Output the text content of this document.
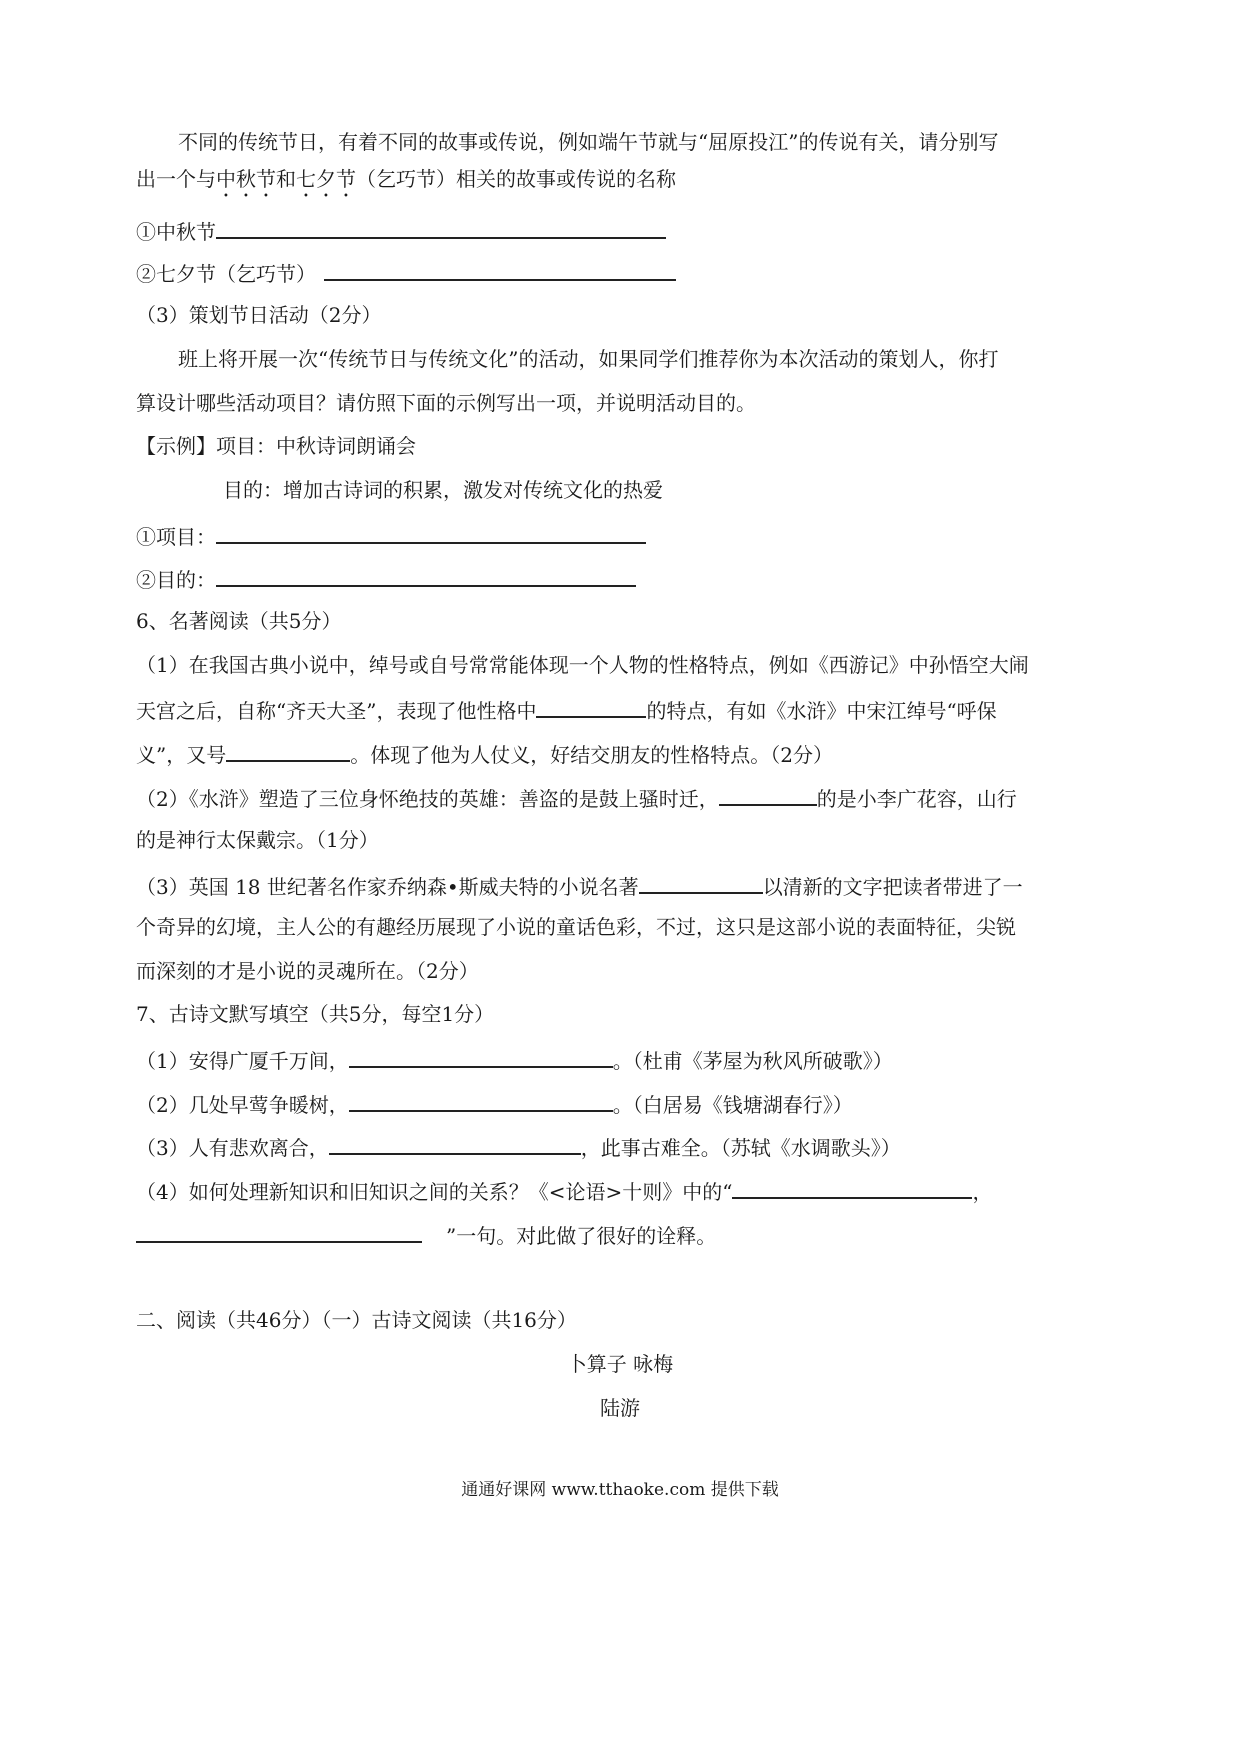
不同的传统节日，有着不同的故事或传说，例如端午节就与“屈原投江”的传说有关，请分别写
出一个与中秋节和七夕节（乞巧节）相关的故事或传说的名称
①中秋节
②七夕节（乞巧节）
（3）策划节日活动（2分）
班上将开展一次“传统节日与传统文化”的活动，如果同学们推荐你为本次活动的策划人，你打
算设计哪些活动项目？请仿照下面的示例写出一项，并说明活动目的。
【示例】项目：中秋诗词朗诵会
目的：增加古诗词的积累，激发对传统文化的热爱
①项目：
②目的：
6、名著阅读（共5分）
（1）在我国古典小说中，绰号或自号常常能体现一个人物的性格特点，例如《西游记》中孙悟空大闹
天宫之后，自称“齐天大圣”，表现了他性格中	的特点，有如《水浒》中宋江绰号“呼保
义”，又号	。体现了他为人仗义，好结交朋友的性格特点。（2分）
（2）《水浒》塑造了三位身怀绝技的英雄：善盗的是鼓上骚时迁，	的是小李广花容，山行
的是神行太保戴宗。（1分）
（3）英国 18 世纪著名作家乔纳森•斯威夫特的小说名著	以清新的文字把读者带进了一
个奇异的幻境，主人公的有趣经历展现了小说的童话色彩，不过，这只是这部小说的表面特征，尖锐
而深刻的才是小说的灵魂所在。（2分）
7、古诗文默写填空（共5分，每空1分）
（1）安得广厦千万间，	。（杜甫《茅屋为秋风所破歌》）
（2）几处早莺争暖树，	。（白居易《钱塘湖春行》）
（3）人有悲欢离合，	，此事古难全。（苏轼《水调歌头》）
（4）如何处理新知识和旧知识之间的关系？《<论语>十则》中的“	，
”一句。对此做了很好的诠释。
二、阅读（共46分）（一）古诗文阅读（共16分）
卜算子 咏梅
陆游
通通好课网 www.tthaoke.com 提供下载
